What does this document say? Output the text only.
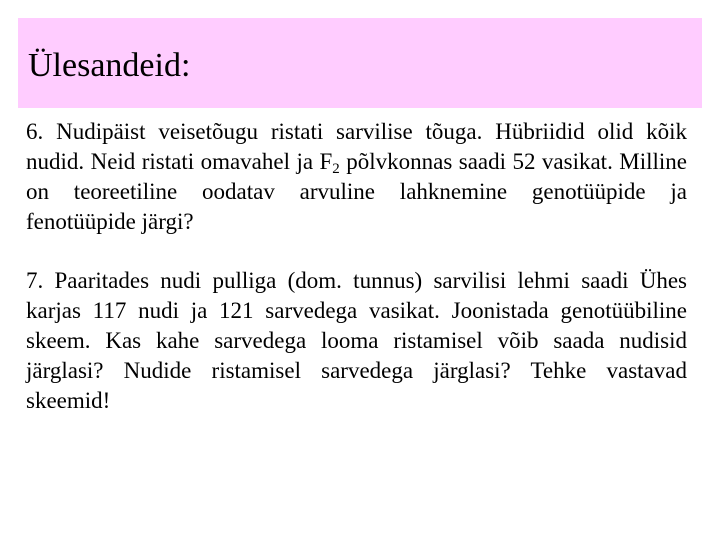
Ülesandeid:

6. Nudipäist veisetõugu ristati sarvilise tõuga. Hübriidid olid kõik nudid. Neid ristati omavahel ja $F_2$ põlvkonnas saadi 52 vasikat. Milline on teoreetiline oodatav arvuline lahknemine genotüüpide ja fenotüüpide järgi?

7. Paaritades nudi pulliga (dom. tunnus) sarvilisi lehmi saadi Ühes karjas 117 nudi ja 121 sarvedega vasikat. Joonistada genotüübiline skeem. Kas kahe sarvedega looma ristamisel võib saada nudisid järglasi? Nudide ristamisel sarvedega järglasi? Tehke vastavad skeemid!
